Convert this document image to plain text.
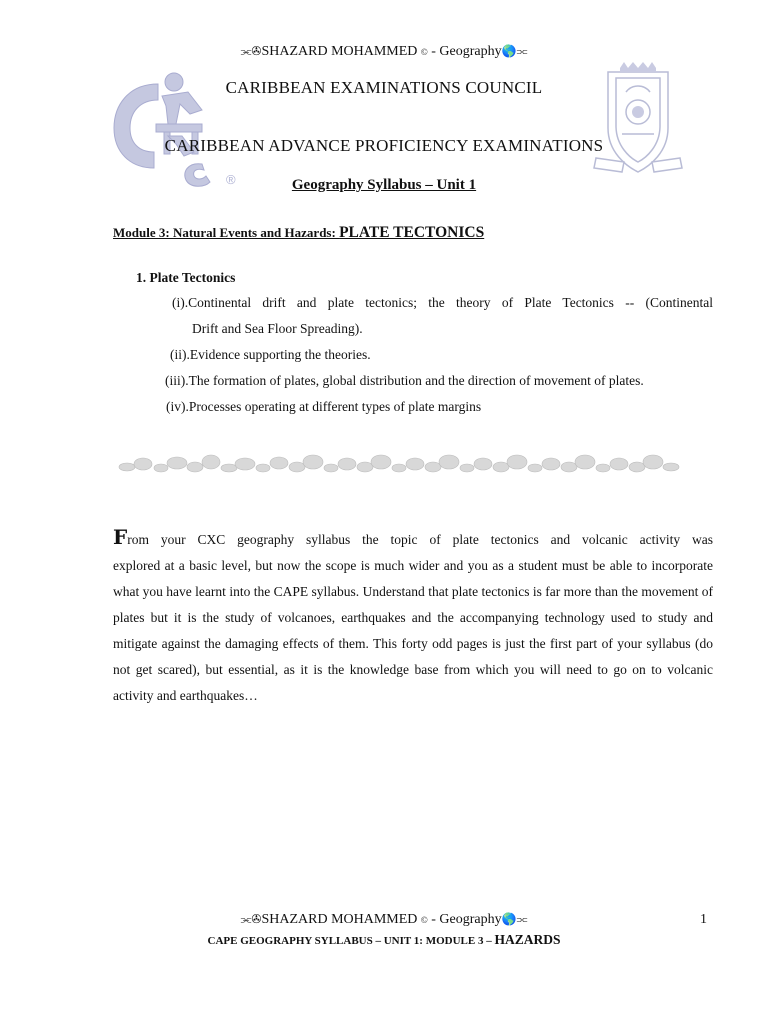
⫘✇SHAZARD MOHAMMED © - Geography🌎⫗
®
CARIBBEAN EXAMINATIONS COUNCIL
CARIBBEAN ADVANCE PROFICIENCY EXAMINATIONS
Geography Syllabus – Unit 1
Module 3: Natural Events and Hazards: PLATE TECTONICS
1. Plate Tectonics
(i).Continental drift and plate tectonics; the theory of Plate Tectonics -- (Continental
Drift and Sea Floor Spreading).
(ii).Evidence supporting the theories.
(iii).The formation of plates, global distribution and the direction of movement of plates.
(iv).Processes operating at different types of plate margins
From your CXC geography syllabus the topic of plate tectonics and volcanic activity was
explored at a basic level, but now the scope is much wider and you as a student must be able to incorporate what you have learnt into the CAPE syllabus. Understand that plate tectonics is far more than the movement of plates but it is the study of volcanoes, earthquakes and the accompanying technology used to study and mitigate against the damaging effects of them. This forty odd pages is just the first part of your syllabus (do not get scared), but essential, as it is the knowledge base from which you will need to go on to volcanic activity and earthquakes…
⫘✇SHAZARD MOHAMMED © - Geography🌎⫗	1
CAPE GEOGRAPHY SYLLABUS – UNIT 1: MODULE 3 – HAZARDS
